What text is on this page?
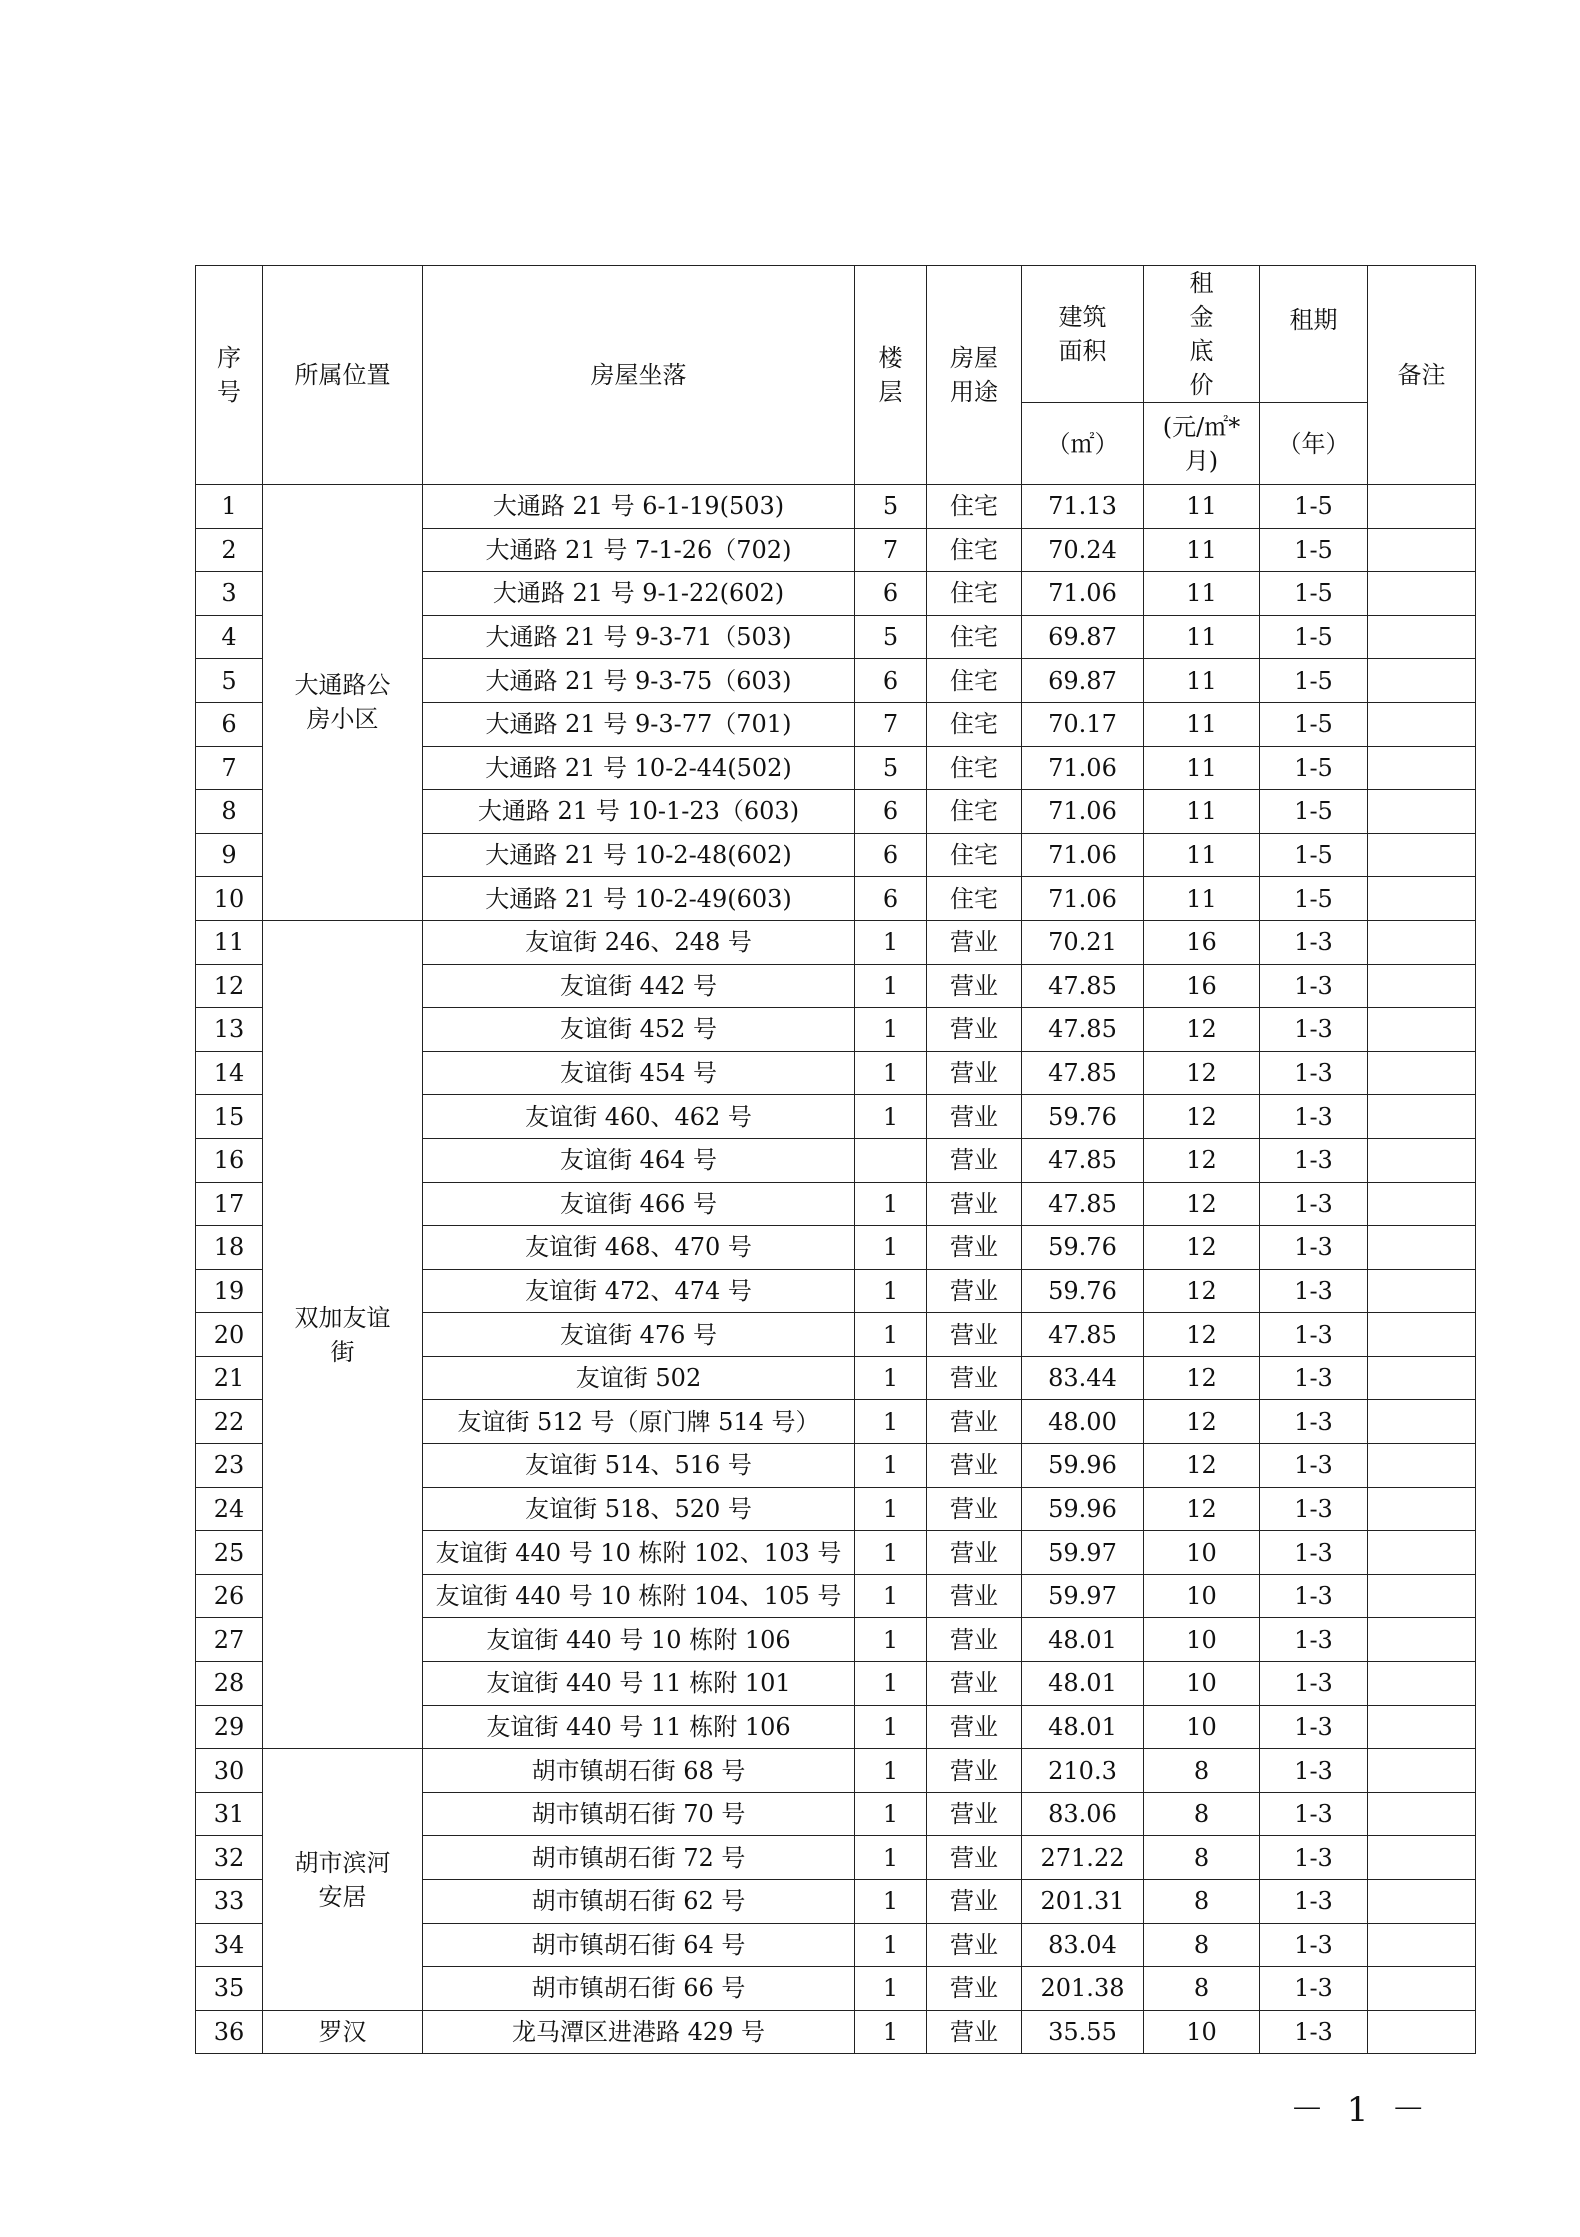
序号	所属位置	房屋坐落	楼层	房屋用途	建筑面积	租金底价	租期	备注
					（㎡）	(元/㎡*月)	（年）	
1	大通路公房小区	大通路 21 号 6-1-19(503)	5	住宅	71.13	11	1-5	
2		大通路 21 号 7-1-26（702)	7	住宅	70.24	11	1-5	
3		大通路 21 号 9-1-22(602)	6	住宅	71.06	11	1-5	
4		大通路 21 号 9-3-71（503)	5	住宅	69.87	11	1-5	
5		大通路 21 号 9-3-75（603)	6	住宅	69.87	11	1-5	
6		大通路 21 号 9-3-77（701)	7	住宅	70.17	11	1-5	
7		大通路 21 号 10-2-44(502)	5	住宅	71.06	11	1-5	
8		大通路 21 号 10-1-23（603)	6	住宅	71.06	11	1-5	
9		大通路 21 号 10-2-48(602)	6	住宅	71.06	11	1-5	
10		大通路 21 号 10-2-49(603)	6	住宅	71.06	11	1-5	
11	双加友谊街	友谊街 246、248 号	1	营业	70.21	16	1-3	
12		友谊街 442 号	1	营业	47.85	16	1-3	
13		友谊街 452 号	1	营业	47.85	12	1-3	
14		友谊街 454 号	1	营业	47.85	12	1-3	
15		友谊街 460、462 号	1	营业	59.76	12	1-3	
16		友谊街 464 号		营业	47.85	12	1-3	
17		友谊街 466 号	1	营业	47.85	12	1-3	
18		友谊街 468、470 号	1	营业	59.76	12	1-3	
19		友谊街 472、474 号	1	营业	59.76	12	1-3	
20		友谊街 476 号	1	营业	47.85	12	1-3	
21		友谊街 502	1	营业	83.44	12	1-3	
22		友谊街 512 号（原门牌 514 号）	1	营业	48.00	12	1-3	
23		友谊街 514、516 号	1	营业	59.96	12	1-3	
24		友谊街 518、520 号	1	营业	59.96	12	1-3	
25		友谊街 440 号 10 栋附 102、103 号	1	营业	59.97	10	1-3	
26		友谊街 440 号 10 栋附 104、105 号	1	营业	59.97	10	1-3	
27		友谊街 440 号 10 栋附 106	1	营业	48.01	10	1-3	
28		友谊街 440 号 11 栋附 101	1	营业	48.01	10	1-3	
29		友谊街 440 号 11 栋附 106	1	营业	48.01	10	1-3	
30	胡市滨河安居	胡市镇胡石街 68 号	1	营业	210.3	8	1-3	
31		胡市镇胡石街 70 号	1	营业	83.06	8	1-3	
32		胡市镇胡石街 72 号	1	营业	271.22	8	1-3	
33		胡市镇胡石街 62 号	1	营业	201.31	8	1-3	
34		胡市镇胡石街 64 号	1	营业	83.04	8	1-3	
35		胡市镇胡石街 66 号	1	营业	201.38	8	1-3	
36	罗汉	龙马潭区进港路 429 号	1	营业	35.55	10	1-3	
－ 1 －
